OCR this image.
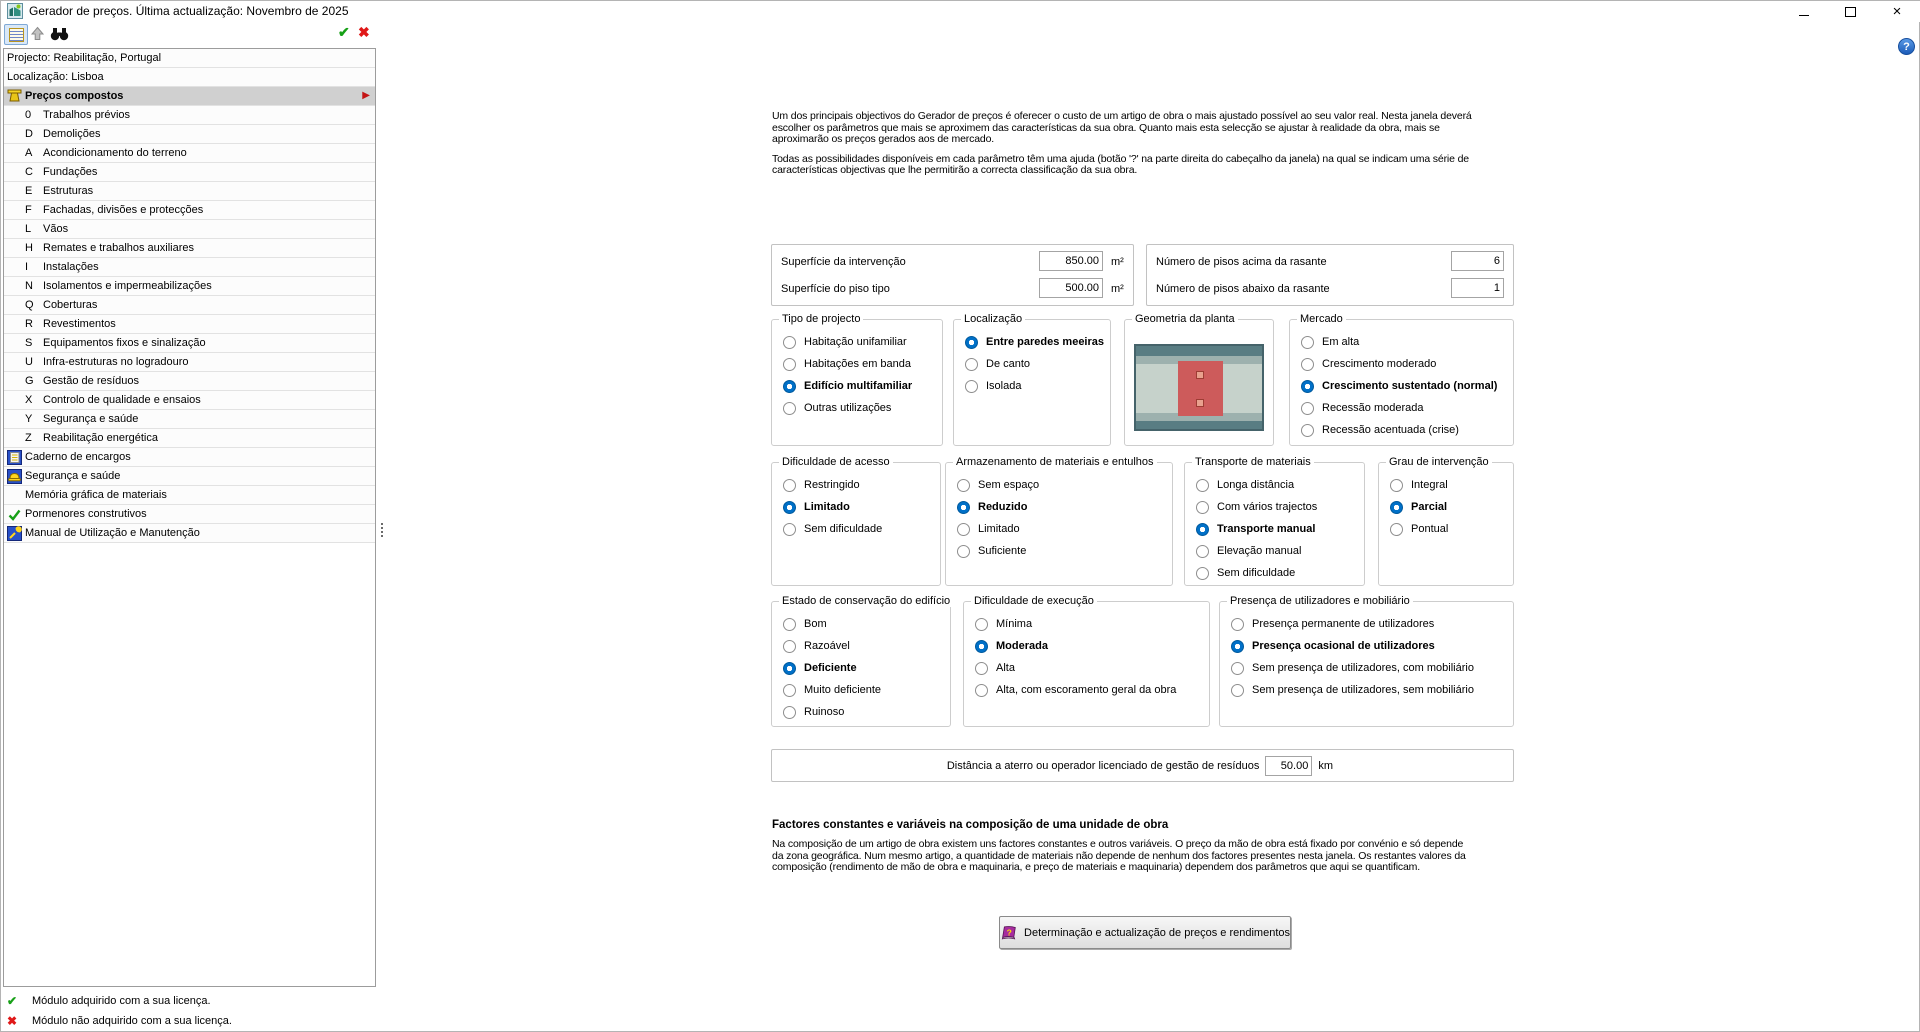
Gerador de preços. Última actualização: Novembro de 2025	×
✔ ✖
?
Projecto: Reabilitação, Portugal
Localização: Lisboa
Preços compostos
▶
0	Trabalhos prévios
D Demolições
A Acondicionamento do terreno
C Fundações
E Estruturas
F	Fachadas, divisões e protecções
L	Vãos
H Remates e trabalhos auxiliares
I	Instalações
N Isolamentos e impermeabilizações
Q Coberturas
R Revestimentos
S Equipamentos fixos e sinalização
U Infra-estruturas no logradouro
G Gestão de resíduos
X Controlo de qualidade e ensaios
Y Segurança e saúde
Z	Reabilitação energética
Caderno de encargos
Segurança e saúde
Memória gráfica de materiais
Pormenores construtivos
Manual de Utilização e Manutenção
Um dos principais objectivos do Gerador de preços é oferecer o custo de um artigo de obra o mais ajustado possível ao seu valor real. Nesta janela deverá
escolher os parâmetros que mais se aproximem das características da sua obra. Quanto mais esta selecção se ajustar à realidade da obra, mais se
aproximarão os preços gerados aos de mercado.
Todas as possibilidades disponíveis em cada parâmetro têm uma ajuda (botão '?' na parte direita do cabeçalho da janela) na qual se indicam uma série de
características objectivas que lhe permitirão a correcta classificação da sua obra.
Superfície da intervenção
850.00	m²
Superfície do piso tipo
500.00	m²
Número de pisos acima da rasante
6
Número de pisos abaixo da rasante
1
Tipo de projecto
Habitação unifamiliar
Habitações em banda
Edifício multifamiliar
Outras utilizações
Localização
Entre paredes meeiras
De canto
Isolada
Geometria da planta	Mercado
Em alta
Crescimento moderado
Crescimento sustentado (normal)
Recessão moderada
Recessão acentuada (crise)
Dificuldade de acesso
Restringido
Limitado
Sem dificuldade
Armazenamento de materiais e entulhos
Sem espaço
Reduzido
Limitado
Suficiente
Transporte de materiais
Longa distância
Com vários trajectos
Transporte manual
Elevação manual
Sem dificuldade
Grau de intervenção
Integral
Parcial
Pontual
Estado de conservação do edifício
Bom
Razoável
Deficiente
Muito deficiente
Ruinoso
Dificuldade de execução
Mínima
Moderada
Alta
Alta, com escoramento geral da obra
Presença de utilizadores e mobiliário
Presença permanente de utilizadores
Presença ocasional de utilizadores
Sem presença de utilizadores, com mobiliário
Sem presença de utilizadores, sem mobiliário
Distância a aterro ou operador licenciado de gestão de resíduos
50.00	km
Factores constantes e variáveis na composição de uma unidade de obra
Na composição de um artigo de obra existem uns factores constantes e outros variáveis. O preço da mão de obra está fixado por convénio e só depende
da zona geográfica. Num mesmo artigo, a quantidade de materiais não depende de nenhum dos factores presentes nesta janela. Os restantes valores da
composição (rendimento de mão de obra e maquinaria, e preço de materiais e maquinaria) dependem dos parâmetros que aqui se quantificam.
? Determinação e actualização de preços e rendimentos
✔	Módulo adquirido com a sua licença.
✖	Módulo não adquirido com a sua licença.
